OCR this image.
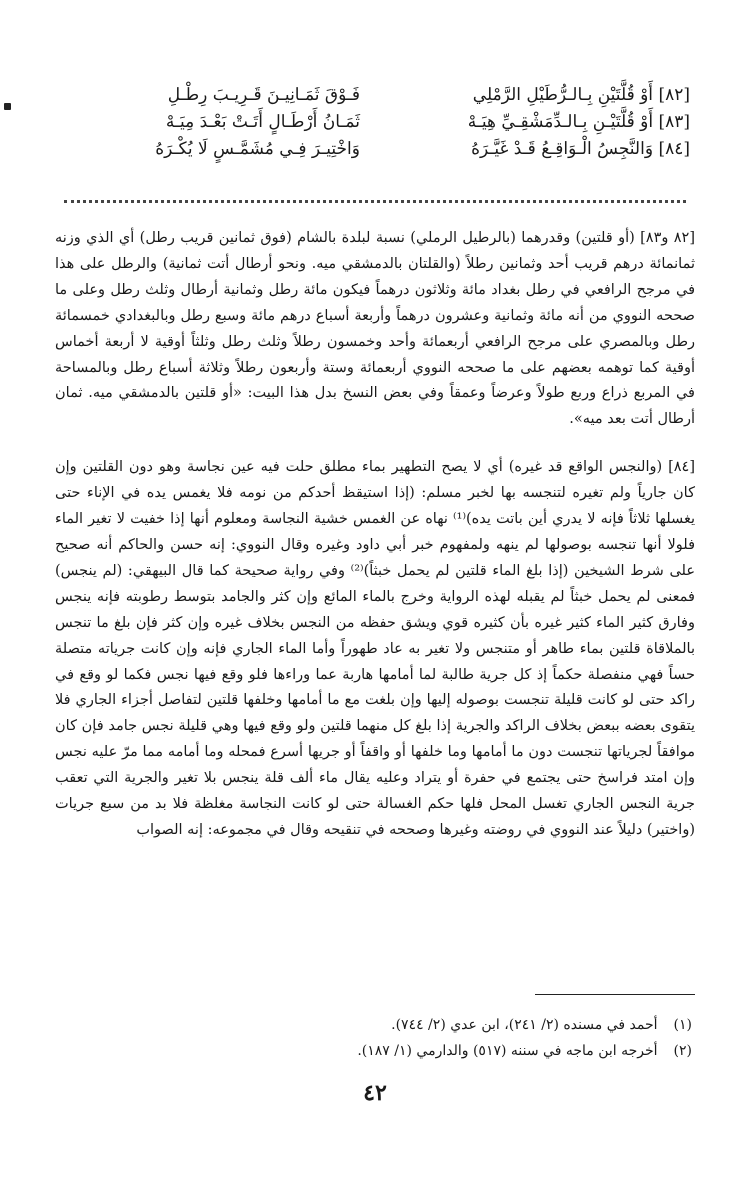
[٨٢] أَوْ قُلَّتَيْنِ بِـالـرُّطَيْلِ الرَّمْلِي
فَـوْقَ ثَمَـانِيـنَ قَـرِيـبَ رِطْـلِ
[٨٣] أَوْ قُلَّتَيْـنِ بِـالـدِّمَشْقِـيِّ هِيَـهْ
ثَمَـانُ أَرْطَـالٍ أَتَـتْ بَعْـدَ مِيَـهْ
[٨٤] وَالنَّجِسُ الْـوَاقِـعُ قَـدْ غَيَّـرَهُ
وَاخْتِيـرَ فِـي مُشَمَّـسٍ لَا يُكْـرَهُ

[٨٢ و٨٣] (أو قلتين) وقدرهما (بالرطيل الرملي) نسبة لبلدة بالشام (فوق ثمانين قريب رطل) أي الذي وزنه ثمانمائة درهم قريب أحد وثمانين رطلاً (والقلتان بالدمشقي ميه. ونحو أرطال أتت ثمانية) والرطل على هذا في مرجح الرافعي في رطل بغداد مائة وثلاثون درهماً فيكون مائة رطل وثمانية أرطال وثلث رطل وعلى ما صححه النووي من أنه مائة وثمانية وعشرون درهماً وأربعة أسباع درهم مائة وسبع رطل وبالبغدادي خمسمائة رطل وبالمصري على مرجح الرافعي أربعمائة وأحد وخمسون رطلاً وثلث رطل وثلثاً أوقية لا أربعة أخماس أوقية كما توهمه بعضهم على ما صححه النووي أربعمائة وستة وأربعون رطلاً وثلاثة أسباع رطل وبالمساحة في المربع ذراع وربع طولاً وعرضاً وعمقاً وفي بعض النسخ بدل هذا البيت: «أو قلتين بالدمشقي ميه. ثمان أرطال أتت بعد ميه».

[٨٤] (والنجس الواقع قد غيره) أي لا يصح التطهير بماء مطلق حلت فيه عين نجاسة وهو دون القلتين وإن كان جارياً ولم تغيره لتنجسه بها لخبر مسلم: (إذا استيقظ أحدكم من نومه فلا يغمس يده في الإناء حتى يغسلها ثلاثاً فإنه لا يدري أين باتت يده)⁽¹⁾ نهاه عن الغمس خشية النجاسة ومعلوم أنها إذا خفيت لا تغير الماء فلولا أنها تنجسه بوصولها لم ينهه ولمفهوم خبر أبي داود وغيره وقال النووي: إنه حسن والحاكم أنه صحيح على شرط الشيخين (إذا بلغ الماء قلتين لم يحمل خبثاً)⁽²⁾ وفي رواية صحيحة كما قال البيهقي: (لم ينجس) فمعنى لم يحمل خبثاً لم يقبله لهذه الرواية وخرج بالماء المائع وإن كثر والجامد بتوسط رطوبته فإنه ينجس وفارق كثير الماء كثير غيره بأن كثيره قوي ويشق حفظه من النجس بخلاف غيره وإن كثر فإن بلغ ما تنجس بالملاقاة قلتين بماء طاهر أو متنجس ولا تغير به عاد طهوراً وأما الماء الجاري فإنه وإن كانت جرياته متصلة حساً فهي منفصلة حكماً إذ كل جرية طالبة لما أمامها هاربة عما وراءها فلو وقع فيها نجس فكما لو وقع في راكد حتى لو كانت قليلة تنجست بوصوله إليها وإن بلغت مع ما أمامها وخلفها قلتين لتفاصل أجزاء الجاري فلا يتقوى بعضه ببعض بخلاف الراكد والجرية إذا بلغ كل منهما قلتين ولو وقع فيها وهي قليلة نجس جامد فإن كان موافقاً لجرياتها تنجست دون ما أمامها وما خلفها أو واقفاً أو جريها أسرع فمحله وما أمامه مما مرّ عليه نجس وإن امتد فراسخ حتى يجتمع في حفرة أو يتراد وعليه يقال ماء ألف قلة ينجس بلا تغير والجرية التي تعقب جرية النجس الجاري تغسل المحل فلها حكم الغسالة حتى لو كانت النجاسة مغلظة فلا بد من سبع جريات (واختير) دليلاً عند النووي في روضته وغيرها وصححه في تنقيحه وقال في مجموعه: إنه الصواب

(١) أحمد في مسنده (٢/ ٢٤١)، ابن عدي (٢/ ٧٤٤).
(٢) أخرجه ابن ماجه في سننه (٥١٧) والدارمي (١/ ١٨٧).
٤٢
